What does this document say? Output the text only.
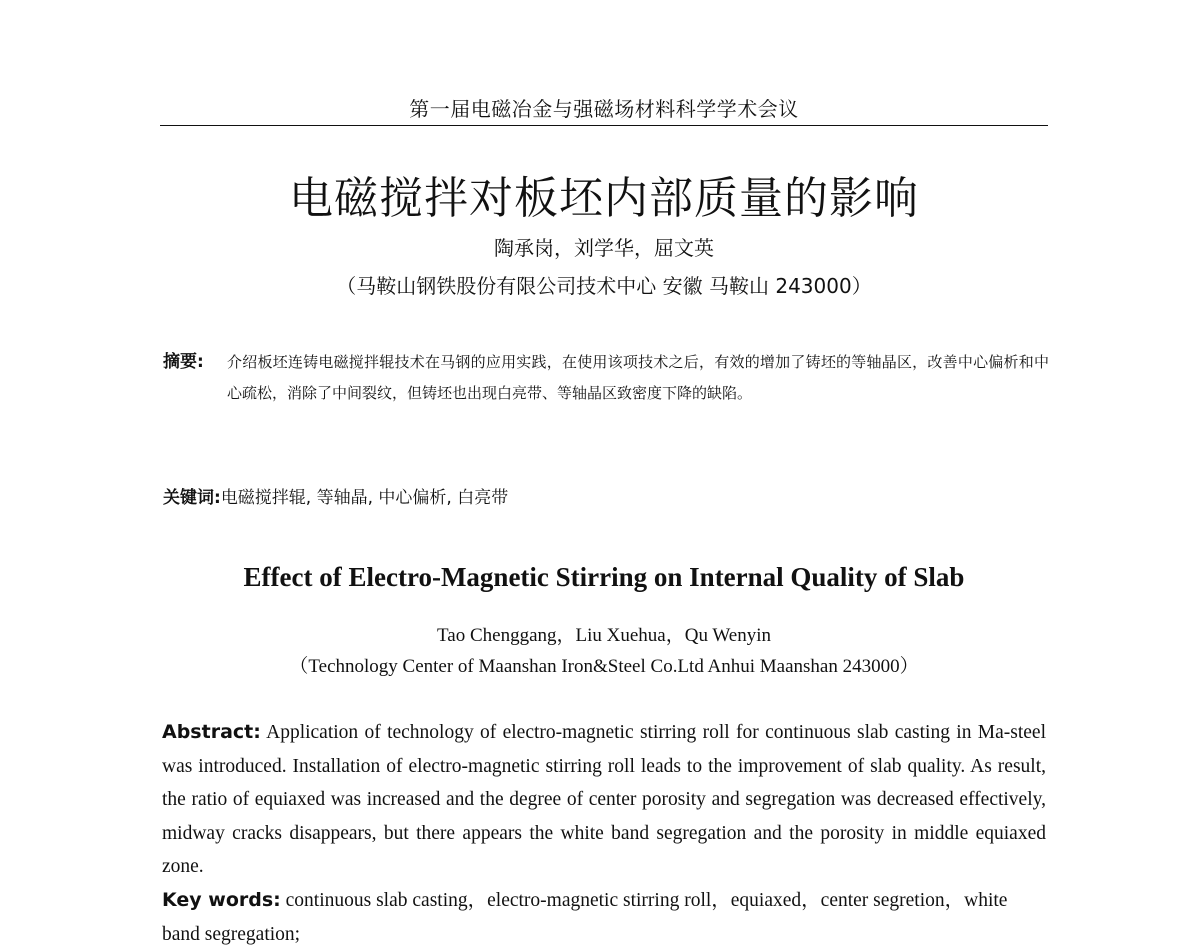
第一届电磁冶金与强磁场材料科学学术会议
电磁搅拌对板坯内部质量的影响
陶承岗，刘学华，屈文英
（马鞍山钢铁股份有限公司技术中心 安徽 马鞍山 243000）
摘要: 介绍板坯连铸电磁搅拌辊技术在马钢的应用实践，在使用该项技术之后，有效的增加了铸坯的等轴晶区，改善中心偏析和中心疏松，消除了中间裂纹，但铸坯也出现白亮带、等轴晶区致密度下降的缺陷。
关键词:电磁搅拌辊, 等轴晶, 中心偏析, 白亮带
Effect of Electro-Magnetic Stirring on Internal Quality of Slab
Tao Chenggang，Liu Xuehua，Qu Wenyin
（Technology Center of Maanshan Iron&Steel Co.Ltd Anhui Maanshan 243000）
Abstract: Application of technology of electro-magnetic stirring roll for continuous slab casting in Ma-steel was introduced. Installation of electro-magnetic stirring roll leads to the improvement of slab quality. As result, the ratio of equiaxed was increased and the degree of center porosity and segregation was decreased effectively, midway cracks disappears, but there appears the white band segregation and the porosity in middle equiaxed zone.
Key words: continuous slab casting，electro-magnetic stirring roll，equiaxed，center segretion，white band segregation;
